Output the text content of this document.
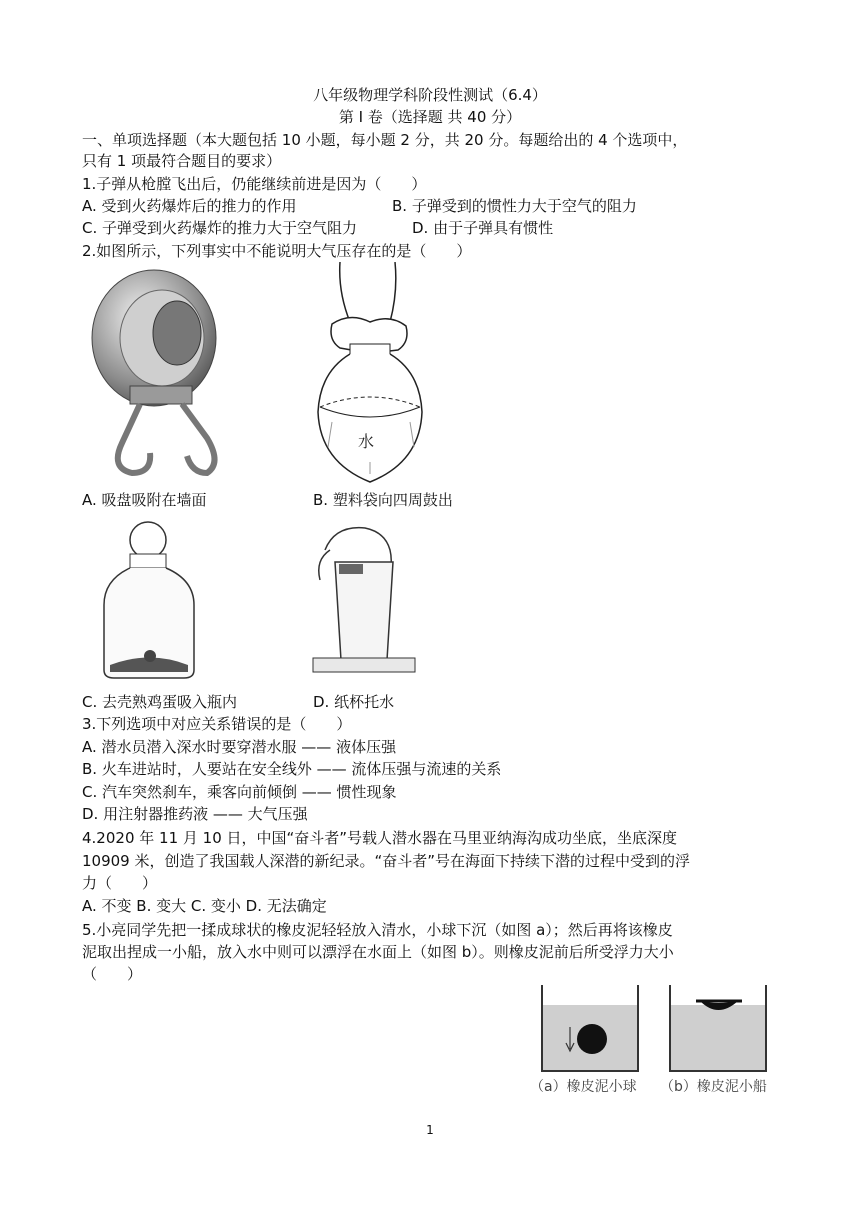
八年级物理学科阶段性测试（6.4）
第 Ⅰ 卷（选择题 共 40 分）
一、单项选择题（本大题包括 10 小题，每小题 2 分，共 20 分。每题给出的 4 个选项中，
只有 1 项最符合题目的要求）
1.子弹从枪膛飞出后，仍能继续前进是因为（　　）
A. 受到火药爆炸后的推力的作用	B. 子弹受到的惯性力大于空气的阻力
C. 子弹受到火药爆炸的推力大于空气阻力	D. 由于子弹具有惯性
2.如图所示，下列事实中不能说明大气压存在的是（　　）
水
A. 吸盘吸附在墙面	B. 塑料袋向四周鼓出
C. 去壳熟鸡蛋吸入瓶内	D. 纸杯托水
3.下列选项中对应关系错误的是（　　）
A. 潜水员潜入深水时要穿潜水服 —— 液体压强
B. 火车进站时，人要站在安全线外 —— 流体压强与流速的关系
C. 汽车突然刹车，乘客向前倾倒 —— 惯性现象
D. 用注射器推药液 —— 大气压强
4.2020 年 11 月 10 日，中国“奋斗者”号载人潜水器在马里亚纳海沟成功坐底，坐底深度
10909 米，创造了我国载人深潜的新纪录。“奋斗者”号在海面下持续下潜的过程中受到的浮
力（　　）
A. 不变 B. 变大 C. 变小 D. 无法确定
5.小亮同学先把一揉成球状的橡皮泥轻轻放入清水，小球下沉（如图 a）；然后再将该橡皮
泥取出捏成一小船，放入水中则可以漂浮在水面上（如图 b）。则橡皮泥前后所受浮力大小
（　　）
（a）橡皮泥小球 （b）橡皮泥小船
1
